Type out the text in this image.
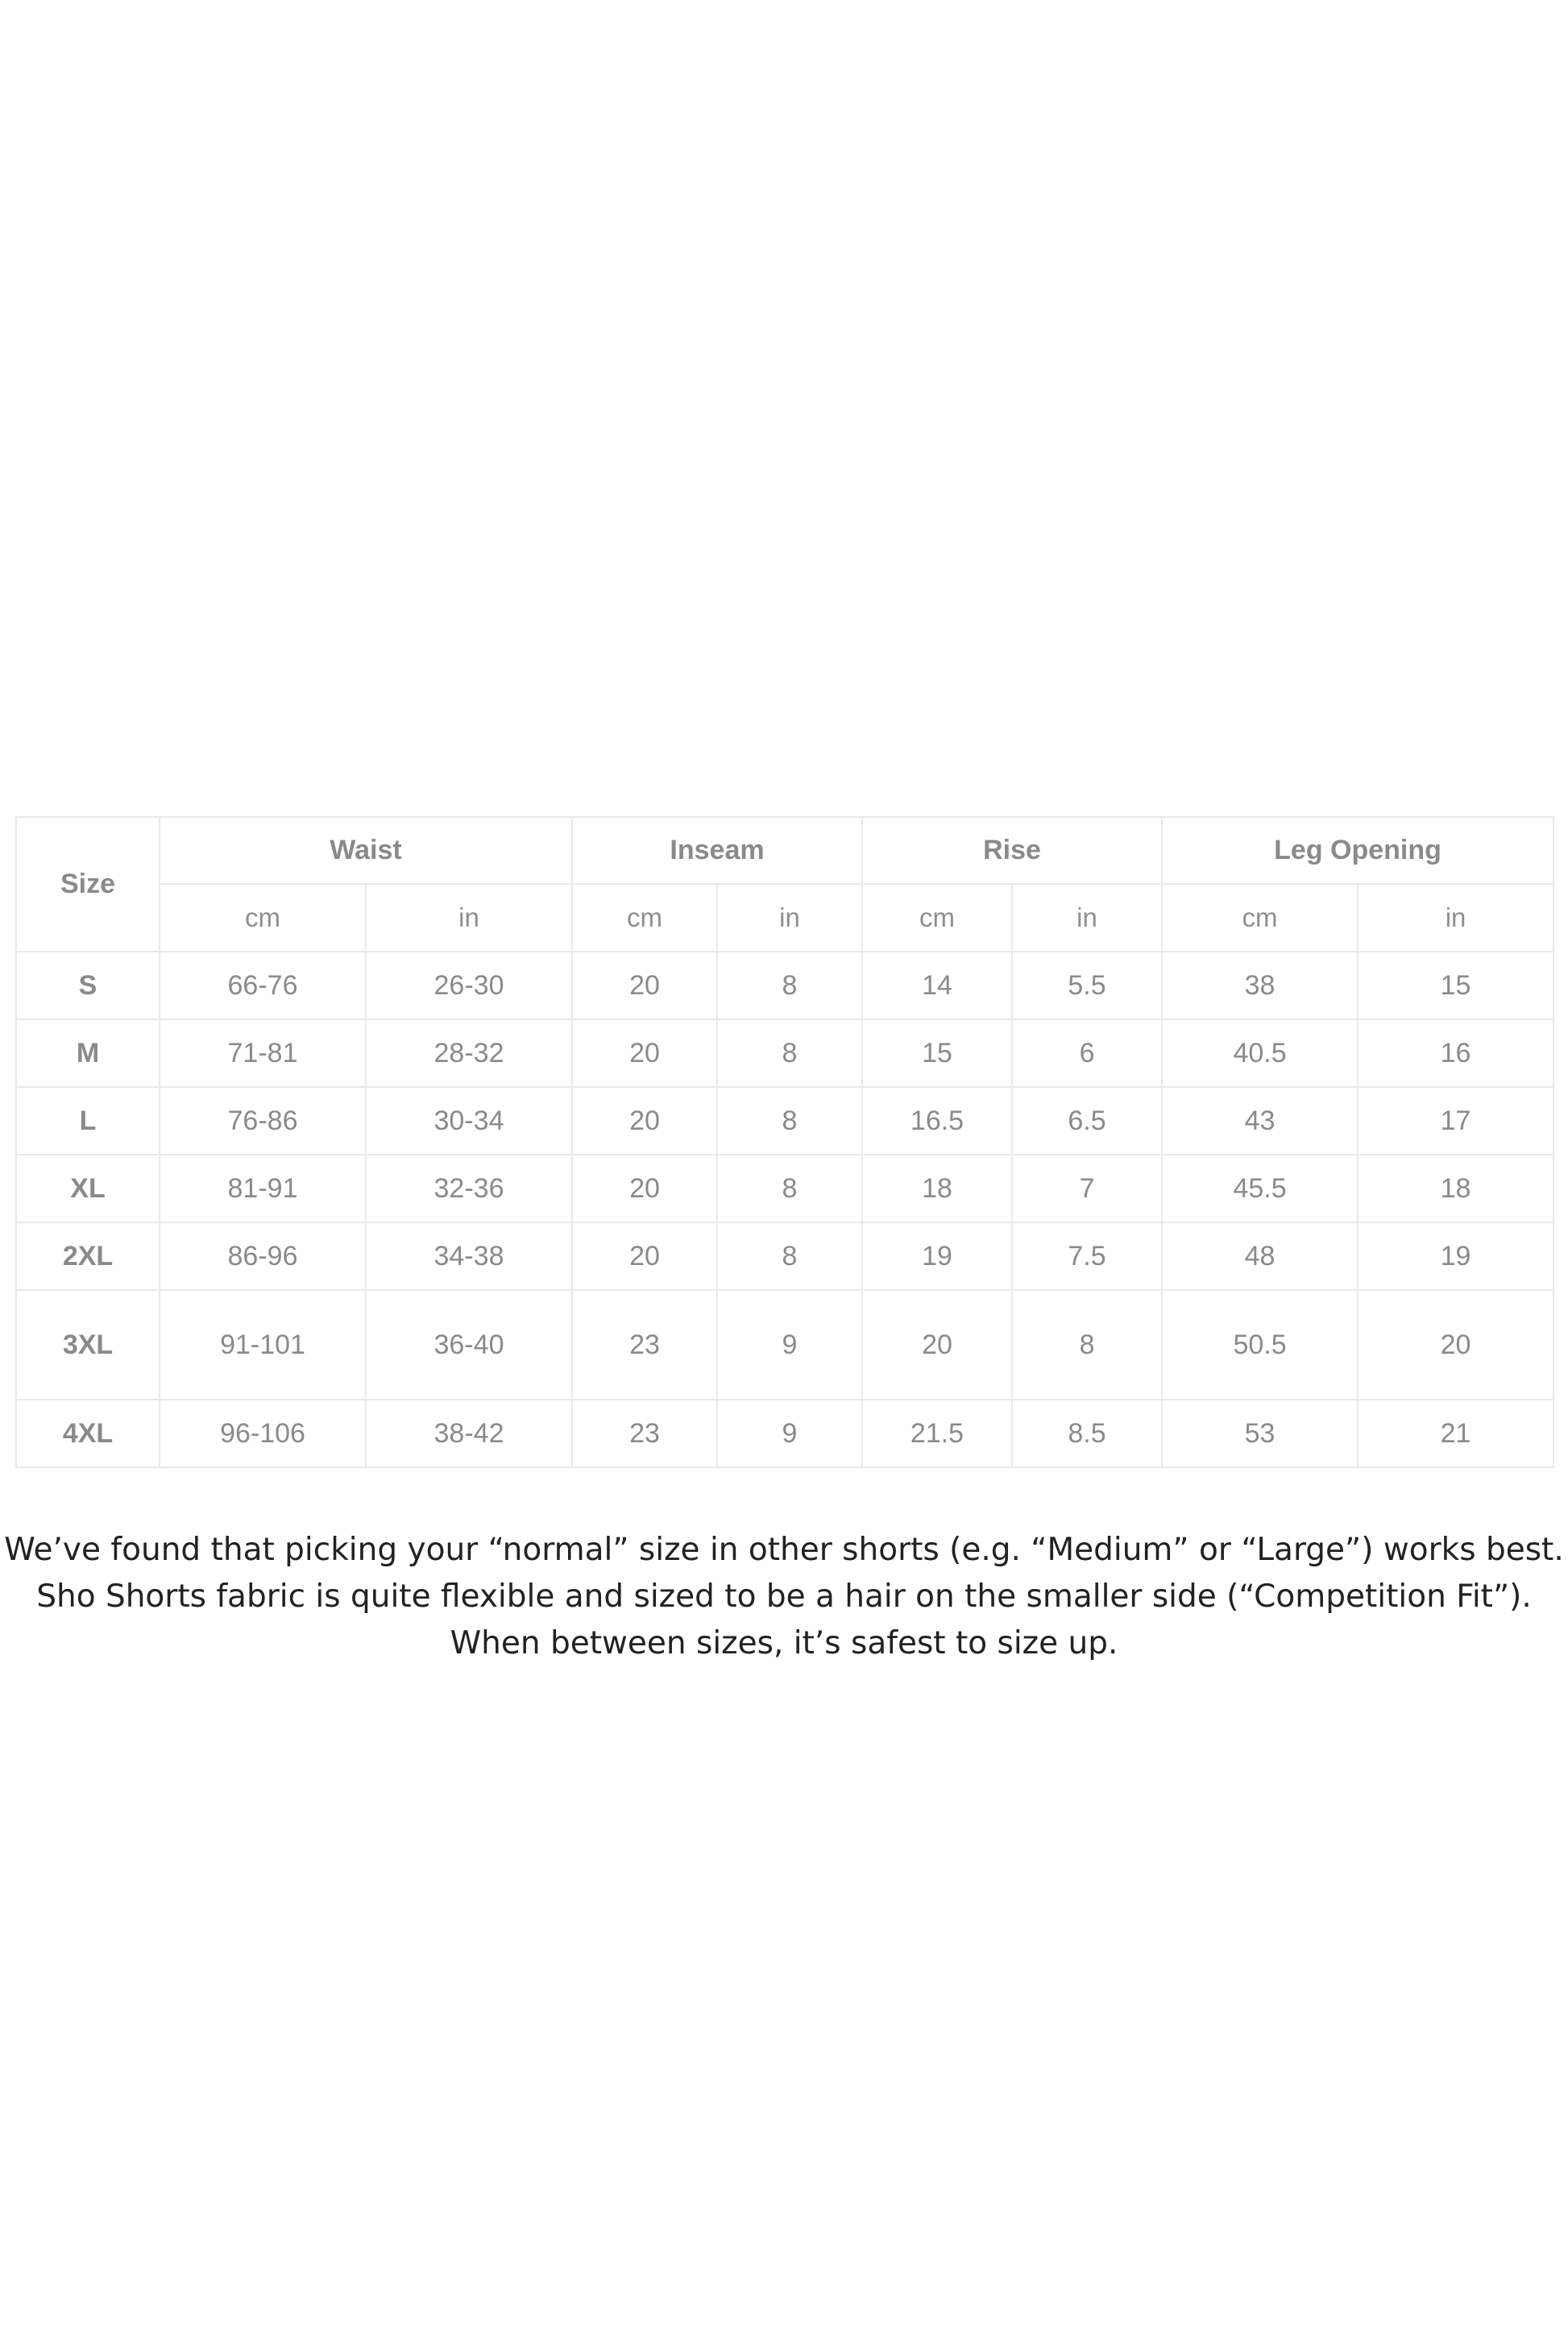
Size	Waist		Inseam		Rise		Leg Opening	
	cm	in	cm	in	cm	in	cm	in
S	66-76	26-30	20	8	14	5.5	38	15
M	71-81	28-32	20	8	15	6	40.5	16
L	76-86	30-34	20	8	16.5	6.5	43	17
XL	81-91	32-36	20	8	18	7	45.5	18
2XL	86-96	34-38	20	8	19	7.5	48	19
3XL	91-101	36-40	23	9	20	8	50.5	20
4XL	96-106	38-42	23	9	21.5	8.5	53	21

We’ve found that picking your “normal” size in other shorts (e.g. “Medium” or “Large”) works best.

Sho Shorts fabric is quite flexible and sized to be a hair on the smaller side (“Competition Fit”).

When between sizes, it’s safest to size up.
